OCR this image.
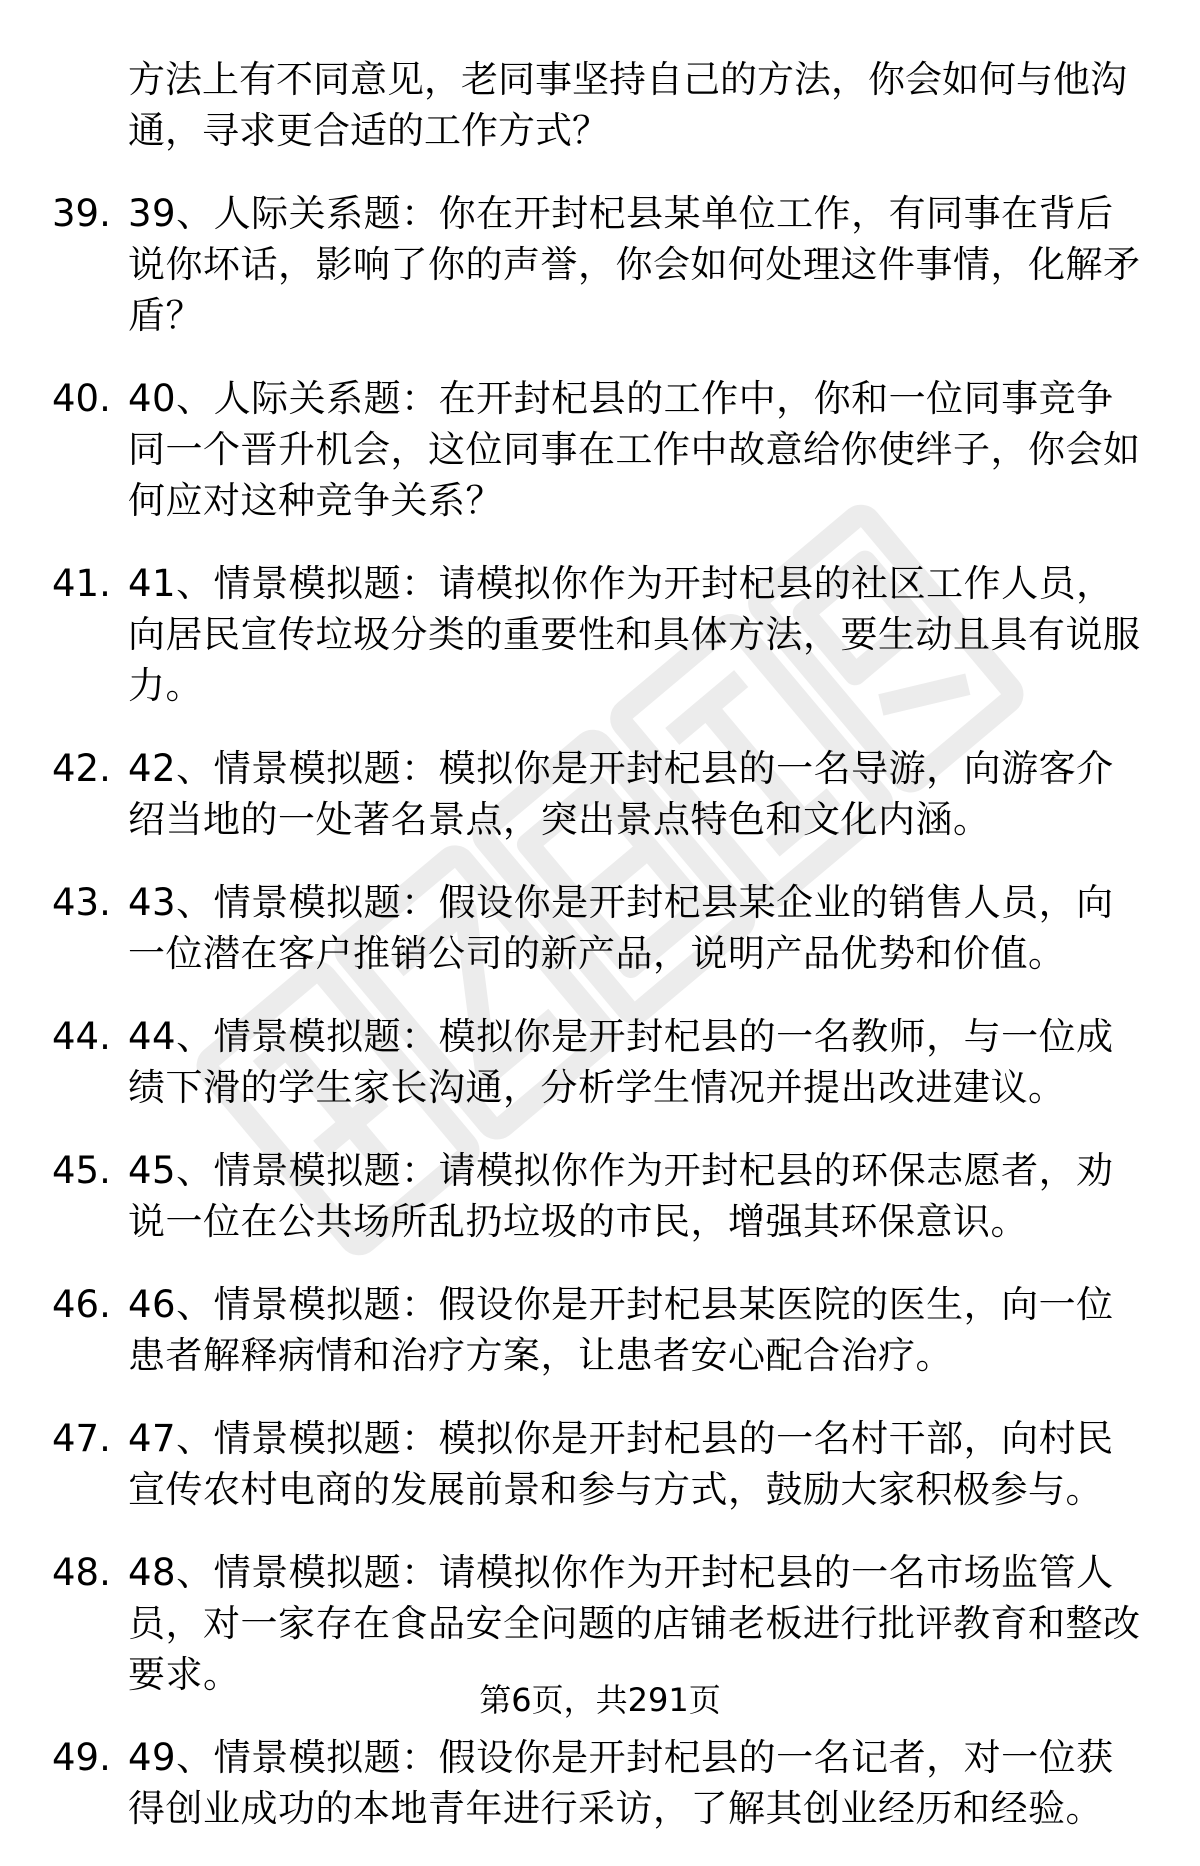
方法上有不同意见，老同事坚持自己的方法，你会如何与他沟通，寻求更合适的工作方式？
39. 39、人际关系题：你在开封杞县某单位工作，有同事在背后说你坏话，影响了你的声誉，你会如何处理这件事情，化解矛盾？
40. 40、人际关系题：在开封杞县的工作中，你和一位同事竞争同一个晋升机会，这位同事在工作中故意给你使绊子，你会如何应对这种竞争关系？
41. 41、情景模拟题：请模拟你作为开封杞县的社区工作人员，向居民宣传垃圾分类的重要性和具体方法，要生动且具有说服力。
42. 42、情景模拟题：模拟你是开封杞县的一名导游，向游客介绍当地的一处著名景点，突出景点特色和文化内涵。
43. 43、情景模拟题：假设你是开封杞县某企业的销售人员，向一位潜在客户推销公司的新产品，说明产品优势和价值。
44. 44、情景模拟题：模拟你是开封杞县的一名教师，与一位成绩下滑的学生家长沟通，分析学生情况并提出改进建议。
45. 45、情景模拟题：请模拟你作为开封杞县的环保志愿者，劝说一位在公共场所乱扔垃圾的市民，增强其环保意识。
46. 46、情景模拟题：假设你是开封杞县某医院的医生，向一位患者解释病情和治疗方案，让患者安心配合治疗。
47. 47、情景模拟题：模拟你是开封杞县的一名村干部，向村民宣传农村电商的发展前景和参与方式，鼓励大家积极参与。
48. 48、情景模拟题：请模拟你作为开封杞县的一名市场监管人员，对一家存在食品安全问题的店铺老板进行批评教育和整改要求。
49. 49、情景模拟题：假设你是开封杞县的一名记者，对一位获得创业成功的本地青年进行采访，了解其创业经历和经验。
第6页，共291页
